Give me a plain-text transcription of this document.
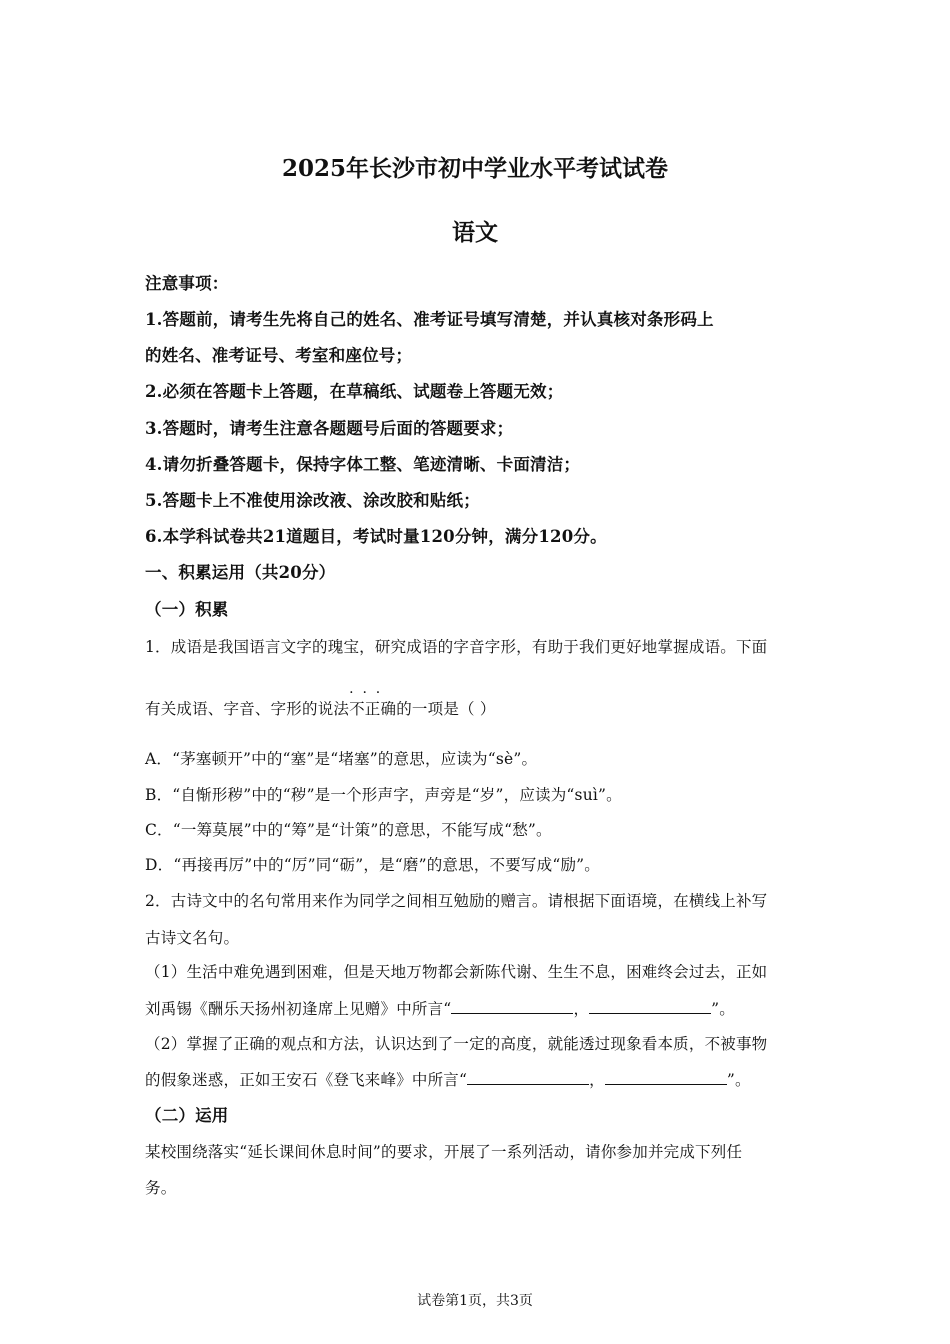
2025年长沙市初中学业水平考试试卷
语文
注意事项：
1.答题前，请考生先将自己的姓名、准考证号填写清楚，并认真核对条形码上
的姓名、准考证号、考室和座位号；
2.必须在答题卡上答题，在草稿纸、试题卷上答题无效；
3.答题时，请考生注意各题题号后面的答题要求；
4.请勿折叠答题卡，保持字体工整、笔迹清晰、卡面清洁；
5.答题卡上不准使用涂改液、涂改胶和贴纸；
6.本学科试卷共21道题目，考试时量120分钟，满分120分。
一、积累运用（共20分）
（一）积累
1．成语是我国语言文字的瑰宝，研究成语的字音字形，有助于我们更好地掌握成语。下面
有关成语、字音、字形的说法· · · 不正确的一项是（ ）
A．“茅塞顿开”中的“塞”是“堵塞”的意思，应读为“sè”。
B．“自惭形秽”中的“秽”是一个形声字，声旁是“岁”，应读为“suì”。
C．“一筹莫展”中的“筹”是“计策”的意思，不能写成“愁”。
D．“再接再厉”中的“厉”同“砺”，是“磨”的意思，不要写成“励”。
2．古诗文中的名句常用来作为同学之间相互勉励的赠言。请根据下面语境，在横线上补写
古诗文名句。
（1）生活中难免遇到困难，但是天地万物都会新陈代谢、生生不息，困难终会过去，正如
刘禹锡《酬乐天扬州初逢席上见赠》中所言“	，	”。
（2）掌握了正确的观点和方法，认识达到了一定的高度，就能透过现象看本质，不被事物
的假象迷惑，正如王安石《登飞来峰》中所言“	，	”。
（二）运用
某校围绕落实“延长课间休息时间”的要求，开展了一系列活动，请你参加并完成下列任
务。
试卷第1页，共3页
